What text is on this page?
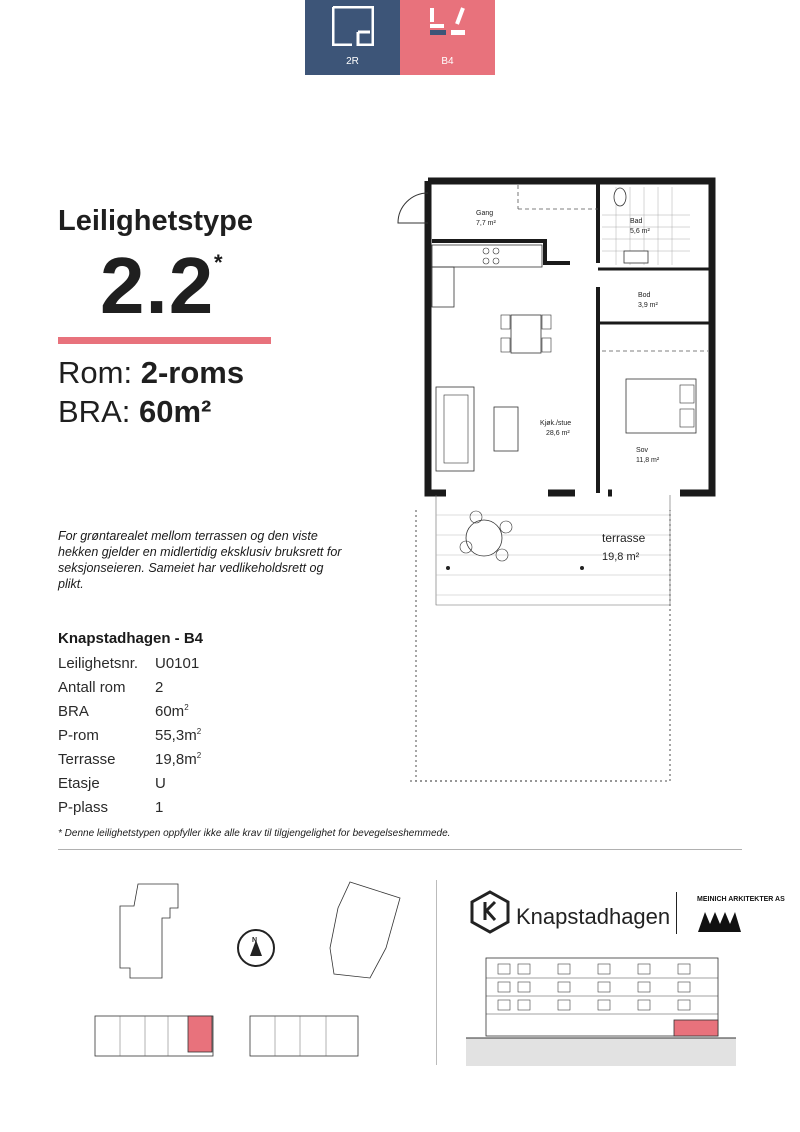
2R	B4
Leilighetstype
2.2 *
Rom: 2-roms
BRA: 60m²
For grøntarealet mellom terrassen og den viste hekken gjelder en midlertidig eksklusiv bruksrett for seksjonseieren. Sameiet har vedlikeholdsrett og plikt.
Knapstadhagen - B4
Leilighetsnr. U0101
Antall rom 2
BRA	$60m^2$
P-rom	$55,3m^2$
Terrasse	$19,8m^2$
Etasje	U
P-plass	1
* Denne leilighetstypen oppfyller ikke alle krav til tilgjengelighet for bevegelseshemmede.
Gang
7,7 m²	Bad
5,6 m²
Bod
3,9 m²
Kjøk./stue
28,6 m²
Sov
11,8 m²
terrasse
19,8 m²
N
Knapstadhagen
MEINICH ARKITEKTER AS
